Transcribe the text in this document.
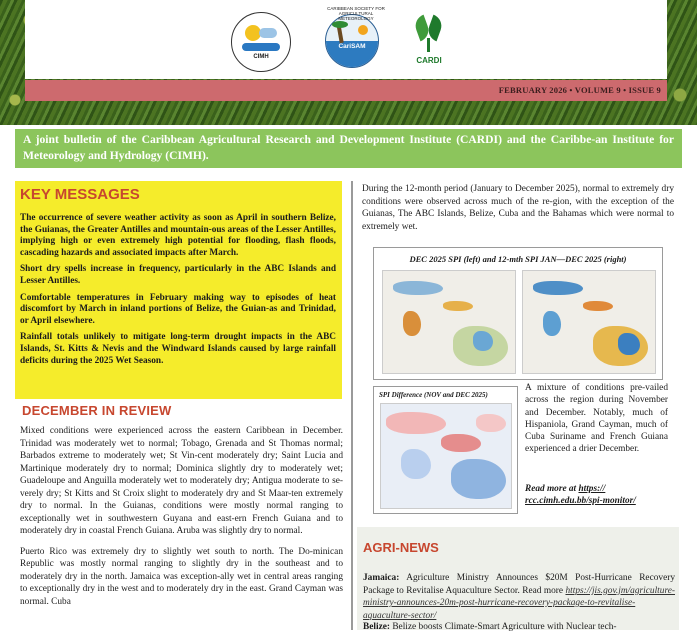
CIMH
CARIBBEAN SOCIETY FOR AGRICULTURAL METEOROLOGY
CariSAM
CARDI
FEBRUARY 2026 • VOLUME 9 • ISSUE 9

A joint bulletin of the Caribbean Agricultural Research and Development Institute (CARDI) and the Caribbe-an Institute for Meteorology and Hydrology (CIMH).

KEY MESSAGES
The occurrence of severe weather activity as soon as April in southern Belize, the Guianas, the Greater Antilles and mountain-ous areas of the Lesser Antilles, implying high or even extremely high potential for flooding, flash floods, cascading hazards and associated impacts after March.
Short dry spells increase in frequency, particularly in the ABC Islands and Lesser Antilles.
Comfortable temperatures in February making way to episodes of heat discomfort by March in inland portions of Belize, the Guian-as and Trinidad, or April elsewhere.
Rainfall totals unlikely to mitigate long-term drought impacts in the ABC Islands, St. Kitts & Nevis and the Windward Islands caused by large rainfall deficits during the 2025 Wet Season.
DECEMBER IN REVIEW

Mixed conditions were experienced across the eastern Caribbean in December. Trinidad was moderately wet to normal; Tobago, Grenada and St Thomas normal; Barbados extreme to moderately wet; St Vin-cent moderately dry; Saint Lucia and Martinique moderately dry to normal; Dominica slightly dry to moderately wet; Guadeloupe and Anguilla moderately wet to moderately dry; Antigua moderate to se-verely dry; St Kitts and St Croix slight to moderately dry and St Maar-ten extremely dry to normal. In the Guianas, conditions were mostly normal ranging to exceptionally wet in southwestern Guyana and east-ern French Guiana and to moderately dry in coastal French Guiana. Aruba was slightly dry to normal.

Puerto Rico was extremely dry to slightly wet south to north. The Do-minican Republic was mostly normal ranging to slightly dry in the southeast and to moderately dry in the north. Jamaica was exception-ally wet in central areas ranging to exceptionally dry in the west and to moderately dry in the east. Grand Cayman was normal. Cuba

During the 12-month period (January to December 2025), normal to extremely dry conditions were observed across much of the re-gion, with the exception of the Guianas, The ABC Islands, Belize, Cuba and the Bahamas which were normal to extremely wet.

DEC 2025 SPI (left) and 12-mth SPI JAN—DEC 2025 (right)
SPI Difference (NOV and DEC 2025)

A mixture of conditions pre-vailed across the region during November and December. Notably, much of Hispaniola, Grand Cayman, much of Cuba Suriname and French Guiana experienced a drier December.

Read more at https:// rcc.cimh.edu.bb/spi-monitor/

AGRI-NEWS

Jamaica: Agriculture Ministry Announces $20M Post-Hurricane Recovery Package to Revitalise Aquaculture Sector. Read more https://jis.gov.jm/agriculture-ministry-announces-20m-post-hurricane-recovery-package-to-revitalise-aquaculture-sector/

Belize: Belize boosts Climate-Smart Agriculture with Nuclear tech-
